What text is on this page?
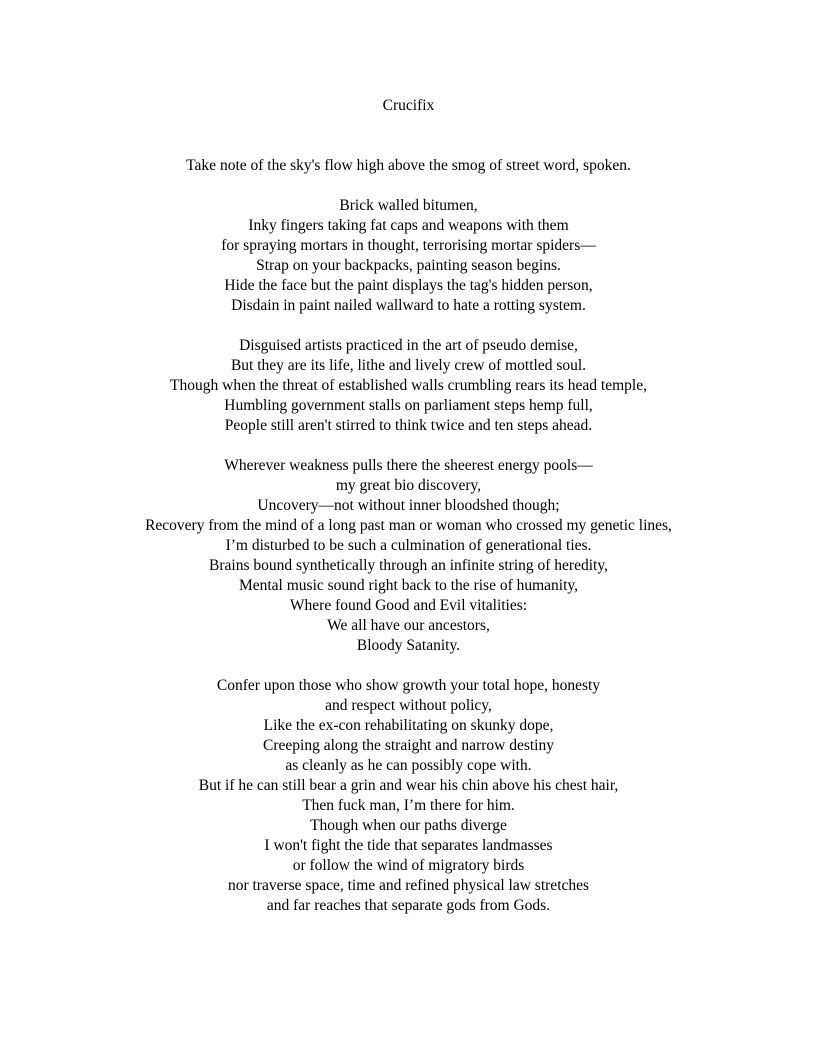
Crucifix
Take note of the sky's flow high above the smog of street word, spoken.
Brick walled bitumen,
Inky fingers taking fat caps and weapons with them
for spraying mortars in thought, terrorising mortar spiders—
Strap on your backpacks, painting season begins.
Hide the face but the paint displays the tag's hidden person,
Disdain in paint nailed wallward to hate a rotting system.
Disguised artists practiced in the art of pseudo demise,
But they are its life, lithe and lively crew of mottled soul.
Though when the threat of established walls crumbling rears its head temple,
Humbling government stalls on parliament steps hemp full,
People still aren't stirred to think twice and ten steps ahead.
Wherever weakness pulls there the sheerest energy pools—
my great bio discovery,
Uncovery—not without inner bloodshed though;
Recovery from the mind of a long past man or woman who crossed my genetic lines,
I’m disturbed to be such a culmination of generational ties.
Brains bound synthetically through an infinite string of heredity,
Mental music sound right back to the rise of humanity,
Where found Good and Evil vitalities:
We all have our ancestors,
Bloody Satanity.
Confer upon those who show growth your total hope, honesty
and respect without policy,
Like the ex-con rehabilitating on skunky dope,
Creeping along the straight and narrow destiny
as cleanly as he can possibly cope with.
But if he can still bear a grin and wear his chin above his chest hair,
Then fuck man, I’m there for him.
Though when our paths diverge
I won't fight the tide that separates landmasses
or follow the wind of migratory birds
nor traverse space, time and refined physical law stretches
and far reaches that separate gods from Gods.
